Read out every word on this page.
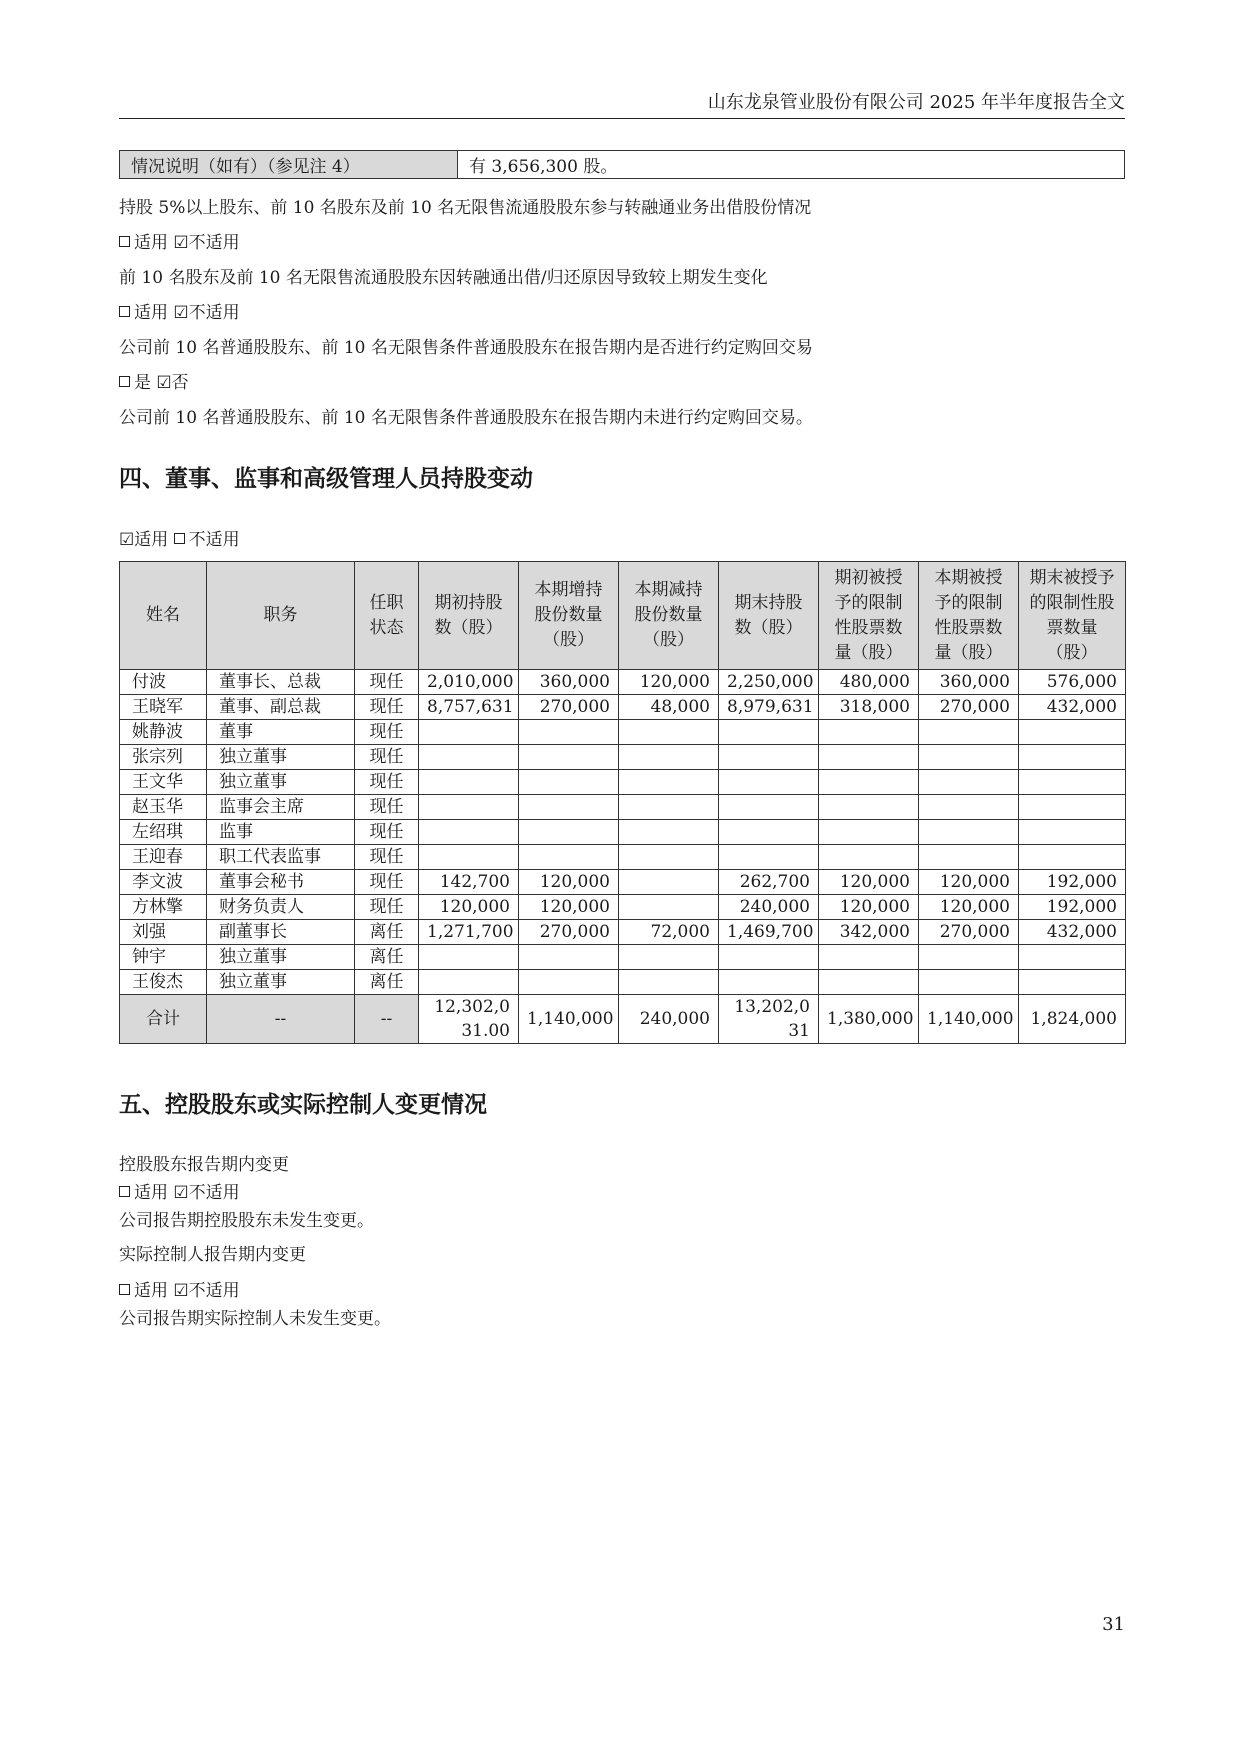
山东龙泉管业股份有限公司 2025 年半年度报告全文
情况说明（如有）（参见注 4）	有 3,656,300 股。
持股 5%以上股东、前 10 名股东及前 10 名无限售流通股股东参与转融通业务出借股份情况
适用 ☑不适用
前 10 名股东及前 10 名无限售流通股股东因转融通出借/归还原因导致较上期发生变化
适用 ☑不适用
公司前 10 名普通股股东、前 10 名无限售条件普通股股东在报告期内是否进行约定购回交易
是 ☑否
公司前 10 名普通股股东、前 10 名无限售条件普通股股东在报告期内未进行约定购回交易。
四、董事、监事和高级管理人员持股变动
☑适用 不适用
姓名	职务	任职状态	期初持股数（股）	本期增持股份数量（股）	本期减持股份数量（股）	期末持股数（股）	期初被授予的限制性股票数量（股）	本期被授予的限制性股票数量（股）	期末被授予的限制性股票数量（股）
付波	董事长、总裁	现任	2,010,000	360,000	120,000	2,250,000	480,000	360,000	576,000
王晓军	董事、副总裁	现任	8,757,631	270,000	48,000	8,979,631	318,000	270,000	432,000
姚静波	董事	现任							
张宗列	独立董事	现任							
王文华	独立董事	现任							
赵玉华	监事会主席	现任							
左绍琪	监事	现任							
王迎春	职工代表监事	现任							
李文波	董事会秘书	现任	142,700	120,000		262,700	120,000	120,000	192,000
方林擎	财务负责人	现任	120,000	120,000		240,000	120,000	120,000	192,000
刘强	副董事长	离任	1,271,700	270,000	72,000	1,469,700	342,000	270,000	432,000
钟宇	独立董事	离任							
王俊杰	独立董事	离任							
合计	--	--	12,302,031.00	1,140,000	240,000	13,202,031	1,380,000	1,140,000	1,824,000
五、控股股东或实际控制人变更情况
控股股东报告期内变更
适用 ☑不适用
公司报告期控股股东未发生变更。
实际控制人报告期内变更
适用 ☑不适用
公司报告期实际控制人未发生变更。
31
